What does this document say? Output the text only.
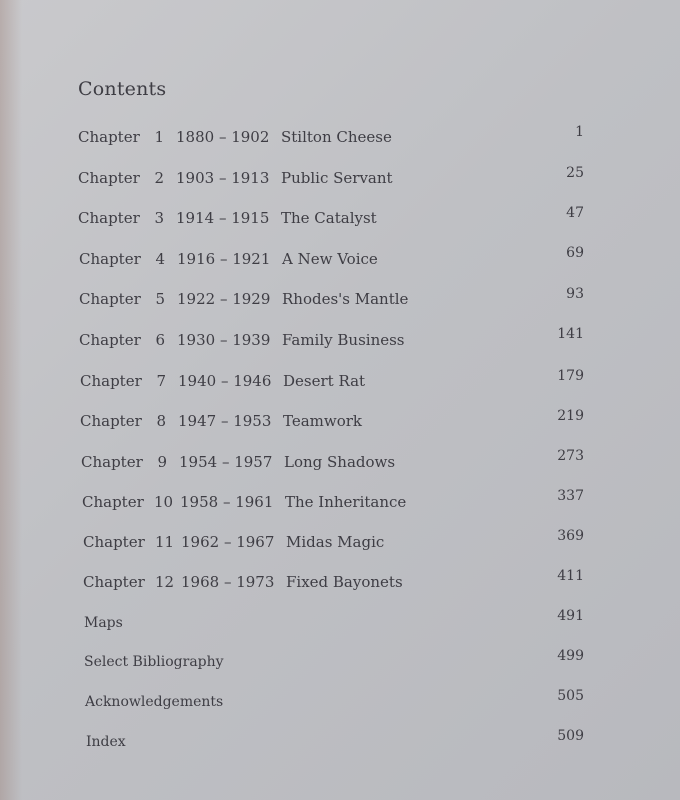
Contents
Chapter 1 1880 – 1902 Stilton Cheese	1
Chapter 2 1903 – 1913 Public Servant	25
Chapter 3 1914 – 1915 The Catalyst	47
Chapter 4 1916 – 1921 A New Voice	69
Chapter 5 1922 – 1929 Rhodes's Mantle	93
Chapter 6 1930 – 1939 Family Business	141
Chapter 7 1940 – 1946 Desert Rat	179
Chapter 8 1947 – 1953 Teamwork	219
Chapter 9 1954 – 1957 Long Shadows	273
Chapter 10 1958 – 1961 The Inheritance	337
Chapter 11 1962 – 1967 Midas Magic	369
Chapter 12 1968 – 1973 Fixed Bayonets	411
Maps	491
Select Bibliography	499
Acknowledgements	505
Index	509
